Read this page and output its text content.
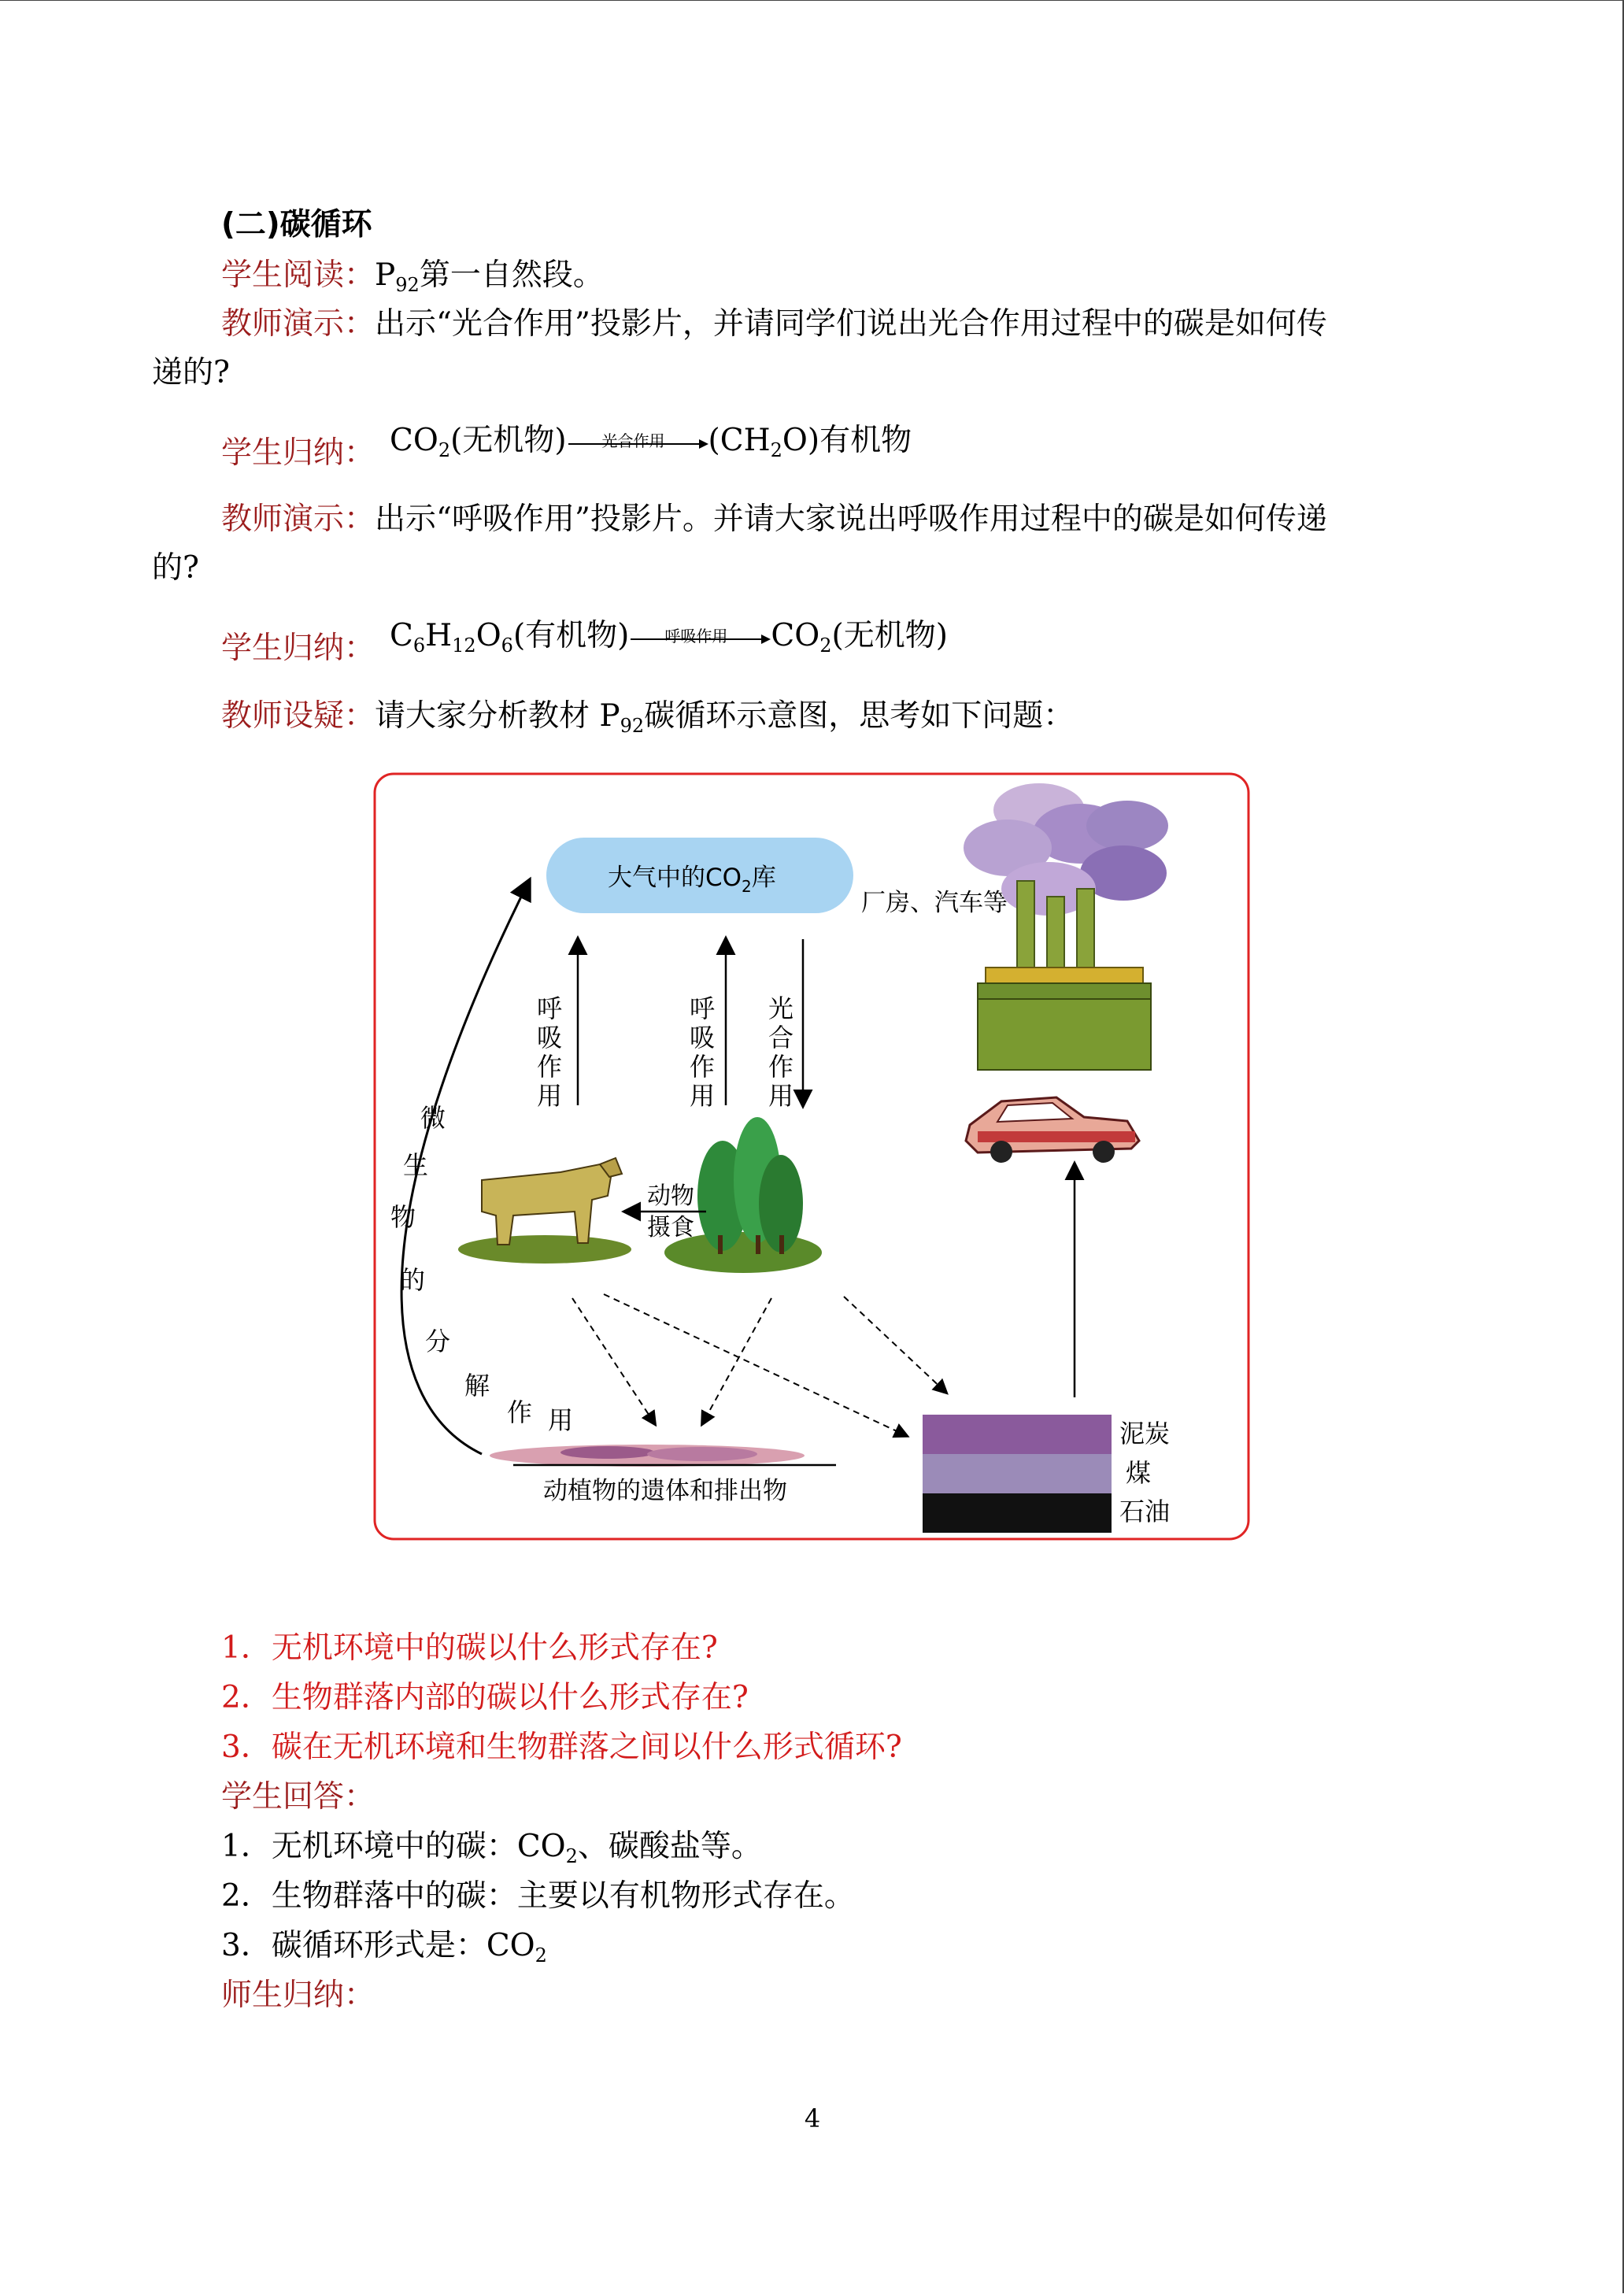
(二)碳循环
学生阅读：$P_{92}$第一自然段。
教师演示：出示“光合作用”投影片，并请同学们说出光合作用过程中的碳是如何传
递的?
学生归纳： $CO_2$(无机物)	光合作用	$(CH_2O)$有机物
教师演示：出示“呼吸作用”投影片。并请大家说出呼吸作用过程中的碳是如何传递
的?
学生归纳： $C_6H_{12}O_6$(有机物)	呼吸作用	$CO_2$(无机物)
教师设疑：请大家分析教材 $P_{92}$碳循环示意图，思考如下问题：
大气中的$CO_2$库
厂房、汽车等
呼
吸
作
用
呼
吸
作
用
光
合
作
用
动物
摄食
微
生
物
的
分
解
作 用
动植物的遗体和排出物
泥炭
煤
石油
1．无机环境中的碳以什么形式存在?
2．生物群落内部的碳以什么形式存在?
3．碳在无机环境和生物群落之间以什么形式循环?
学生回答：
1．无机环境中的碳：$CO_2$、碳酸盐等。
2．生物群落中的碳：主要以有机物形式存在。
3．碳循环形式是：$CO_2$
师生归纳：
4
